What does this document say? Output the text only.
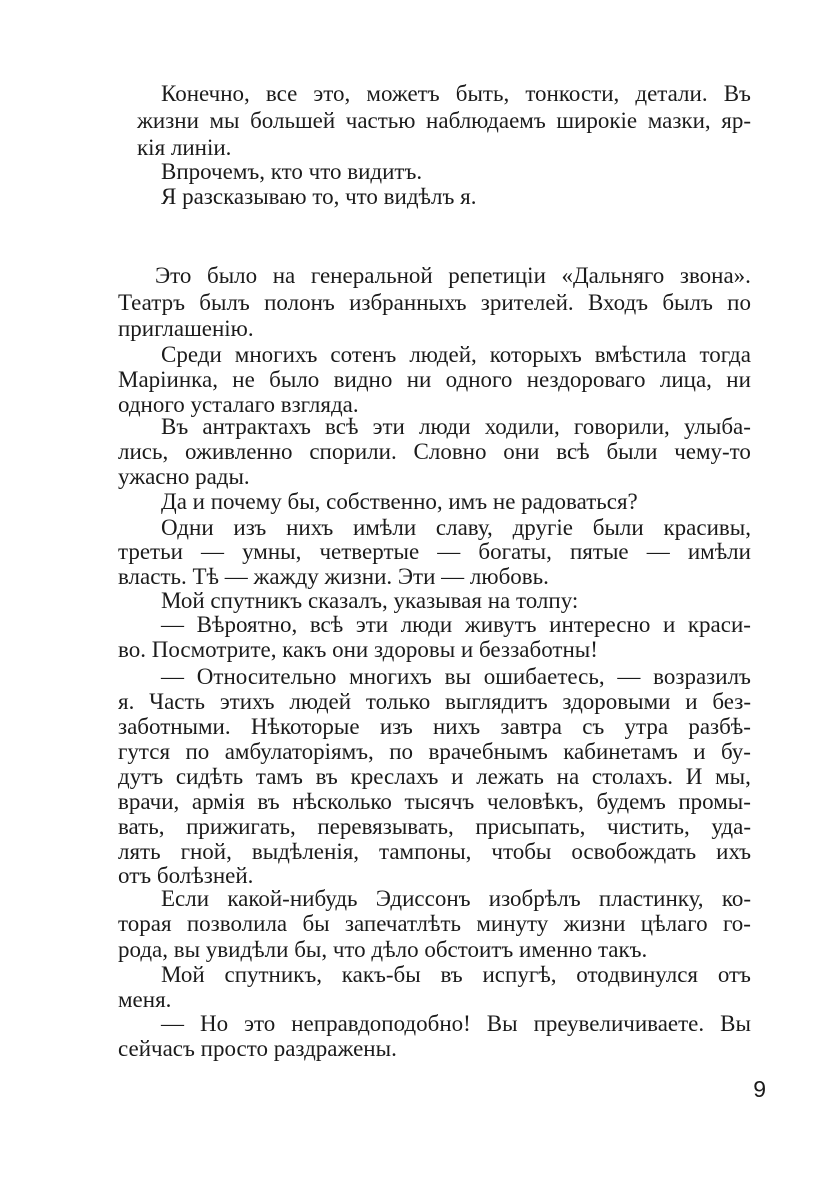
Конечно, все это, можетъ быть, тонкости, детали. Въ
жизни мы большей частью наблюдаемъ широкіе мазки, яр-
кія линіи.
Впрочемъ, кто что видитъ.
Я разсказываю то, что видѣлъ я.
Это было на генеральной репетиціи «Дальняго звона».
Театръ былъ полонъ избранныхъ зрителей. Входъ былъ по
приглашенію.
Среди многихъ сотенъ людей, которыхъ вмѣстила тогда
Маріинка, не было видно ни одного нездороваго лица, ни
одного усталаго взгляда.
Въ антрактахъ всѣ эти люди ходили, говорили, улыба-
лись, оживленно спорили. Словно они всѣ были чему-то
ужасно рады.
Да и почему бы, собственно, имъ не радоваться?
Одни изъ нихъ имѣли славу, другіе были красивы,
третьи — умны, четвертые — богаты, пятые — имѣли
власть. Тѣ — жажду жизни. Эти — любовь.
Мой спутникъ сказалъ, указывая на толпу:
— Вѣроятно, всѣ эти люди живутъ интересно и краси-
во. Посмотрите, какъ они здоровы и беззаботны!
— Относительно многихъ вы ошибаетесь, — возразилъ
я. Часть этихъ людей только выглядитъ здоровыми и без-
заботными. Нѣкоторые изъ нихъ завтра съ утра разбѣ-
гутся по амбулаторіямъ, по врачебнымъ кабинетамъ и бу-
дутъ сидѣть тамъ въ креслахъ и лежать на столахъ. И мы,
врачи, армія въ нѣсколько тысячъ человѣкъ, будемъ промы-
вать, прижигать, перевязывать, присыпать, чистить, уда-
лять гной, выдѣленія, тампоны, чтобы освобождать ихъ
отъ болѣзней.
Если какой-нибудь Эдиссонъ изобрѣлъ пластинку, ко-
торая позволила бы запечатлѣть минуту жизни цѣлаго го-
рода, вы увидѣли бы, что дѣло обстоитъ именно такъ.
Мой спутникъ, какъ-бы въ испугѣ, отодвинулся отъ
меня.
— Но это неправдоподобно! Вы преувеличиваете. Вы
сейчасъ просто раздражены.
9
